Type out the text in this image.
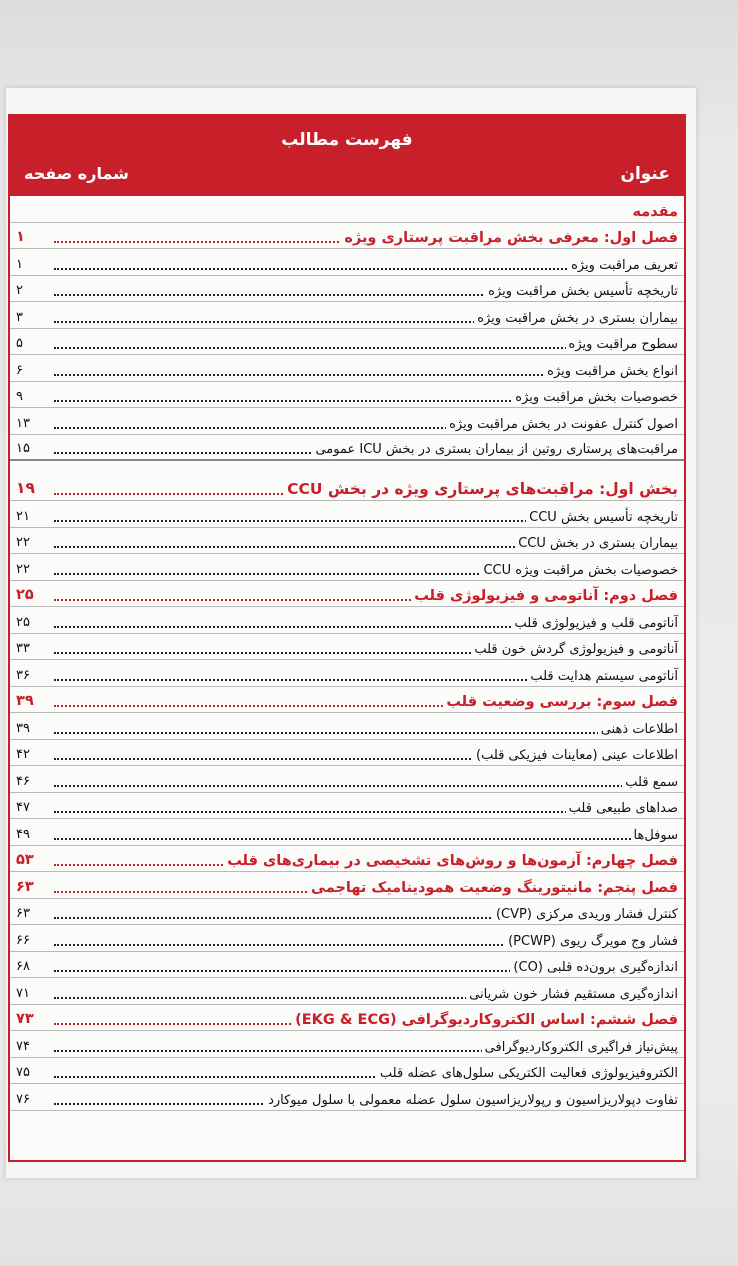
فهرست مطالب
شماره صفحه	عنوان
مقدمه
فصل اول: معرفی بخش مراقبت پرستاری ویژه
۱
تعریف مراقبت ویژه
۱
تاریخچه تأسیس بخش مراقبت ویژه
۲
بیماران بستری در بخش مراقبت ویژه
۳
سطوح مراقبت ویژه
۵
انواع بخش مراقبت ویژه
۶
خصوصیات بخش مراقبت ویژه
۹
اصول کنترل عفونت در بخش مراقبت ویژه
۱۳
مراقبت‌های پرستاری روتین از بیماران بستری در بخش ICU عمومی
۱۵
بخش اول: مراقبت‌های پرستاری ویژه در بخش CCU
۱۹
تاریخچه تأسیس بخش CCU
۲۱
بیماران بستری در بخش CCU
۲۲
خصوصیات بخش مراقبت ویژه CCU
۲۲
فصل دوم: آناتومی و فیزیولوژی قلب
۲۵
آناتومی قلب و فیزیولوژی قلب
۲۵
آناتومی و فیزیولوژی گردش خون قلب
۳۳
آناتومی سیستم هدایت قلب
۳۶
فصل سوم: بررسی وضعیت قلب
۳۹
اطلاعات ذهنی
۳۹
اطلاعات عینی (معاینات فیزیکی قلب)
۴۲
سمع قلب
۴۶
صداهای طبیعی قلب
۴۷
سوفل‌ها
۴۹
فصل چهارم: آزمون‌ها و روش‌های تشخیصی در بیماری‌های قلب
۵۳
فصل پنجم: مانیتورینگ وضعیت همودینامیک تهاجمی
۶۳
کنترل فشار وریدی مرکزی (CVP)
۶۳
فشار وج مویرگ ریوی (PCWP)
۶۶
اندازه‌گیری برون‌ده قلبی (CO)
۶۸
اندازه‌گیری مستقیم فشار خون شریانی
۷۱
فصل ششم: اساس الکتروکاردیوگرافی (EKG & ECG)
۷۳
پیش‌نیاز فراگیری الکتروکاردیوگرافی
۷۴
الکتروفیزیولوژی فعالیت الکتریکی سلول‌های عضله قلب
۷۵
تفاوت دپولاریزاسیون و رپولاریزاسیون سلول عضله معمولی با سلول میوکارد
۷۶
